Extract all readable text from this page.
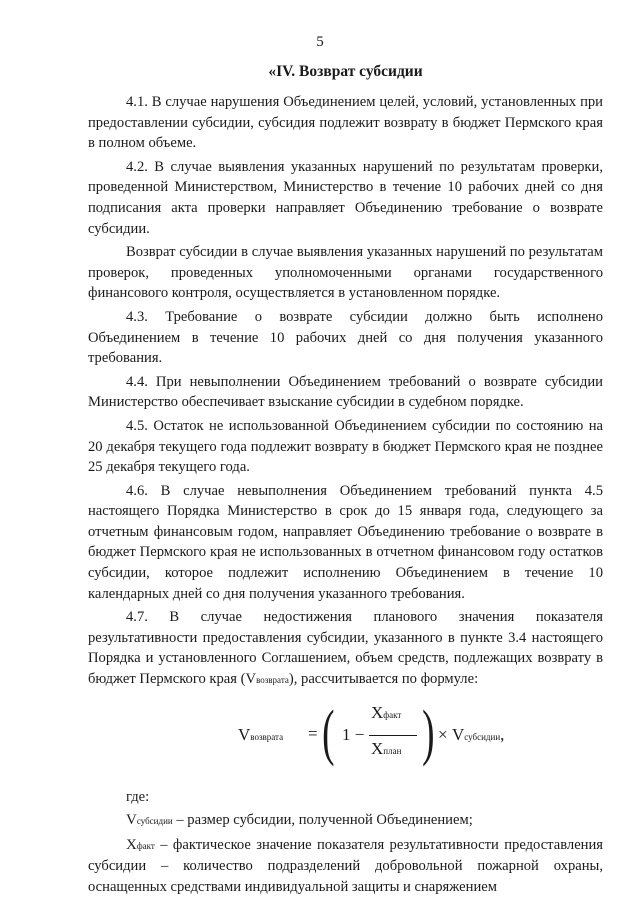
5
«IV. Возврат субсидии

4.1. В случае нарушения Объединением целей, условий, установленных при предоставлении субсидии, субсидия подлежит возврату в бюджет Пермского края в полном объеме.

4.2. В случае выявления указанных нарушений по результатам проверки, проведенной Министерством, Министерство в течение 10 рабочих дней со дня подписания акта проверки направляет Объединению требование о возврате субсидии.

Возврат субсидии в случае выявления указанных нарушений по результатам проверок, проведенных уполномоченными органами государственного финансового контроля, осуществляется в установленном порядке.

4.3. Требование о возврате субсидии должно быть исполнено Объединением в течение 10 рабочих дней со дня получения указанного требования.

4.4. При невыполнении Объединением требований о возврате субсидии Министерство обеспечивает взыскание субсидии в судебном порядке.

4.5. Остаток не использованной Объединением субсидии по состоянию на 20 декабря текущего года подлежит возврату в бюджет Пермского края не позднее 25 декабря текущего года.

4.6. В случае невыполнения Объединением требований пункта 4.5 настоящего Порядка Министерство в срок до 15 января года, следующего за отчетным финансовым годом, направляет Объединению требование о возврате в бюджет Пермского края не использованных в отчетном финансовом году остатков субсидии, которое подлежит исполнению Объединением в течение 10 календарных дней со дня получения указанного требования.

4.7. В случае недостижения планового значения показателя результативности предоставления субсидии, указанного в пункте 3.4 настоящего Порядка и установленного Соглашением, объем средств, подлежащих возврату в бюджет Пермского края (Vвозврата), рассчитывается по формуле:

Vвозврата = ( 1 −
Xфакт
Xплан ) × Vсубсидии,

где:

Vсубсидии – размер субсидии, полученной Объединением;

Xфакт – фактическое значение показателя результативности предоставления субсидии – количество подразделений добровольной пожарной охраны, оснащенных средствами индивидуальной защиты и снаряжением
